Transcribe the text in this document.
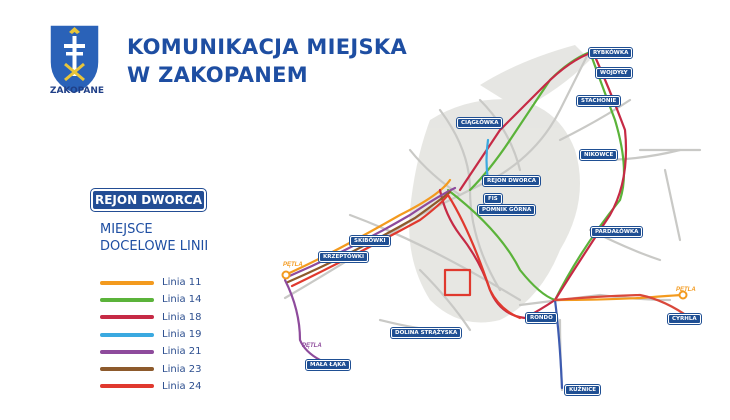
ZAKOPANE
KOMUNIKACJA MIEJSKA
W ZAKOPANEM
REJON DWORCA
MIEJSCE
DOCELOWE LINII
Linia 11
Linia 14
Linia 18
Linia 19
Linia 21
Linia 23
Linia 24
RYBKÓWKA
WOJDYŁY
STACHONIE
NIKOWCE
CIĄGŁÓWKA
REJON DWORCA
FIS
POMNIK GÓRNA
SKIBÓWKI
KRZEPTÓWKI
PARDAŁÓWKA
RONDO
DOLINA STRĄŻYSKA
MAŁA ŁĄKA
KUŹNICE
CYRHLA
PĘTLA
PĘTLA
PĘTLA
